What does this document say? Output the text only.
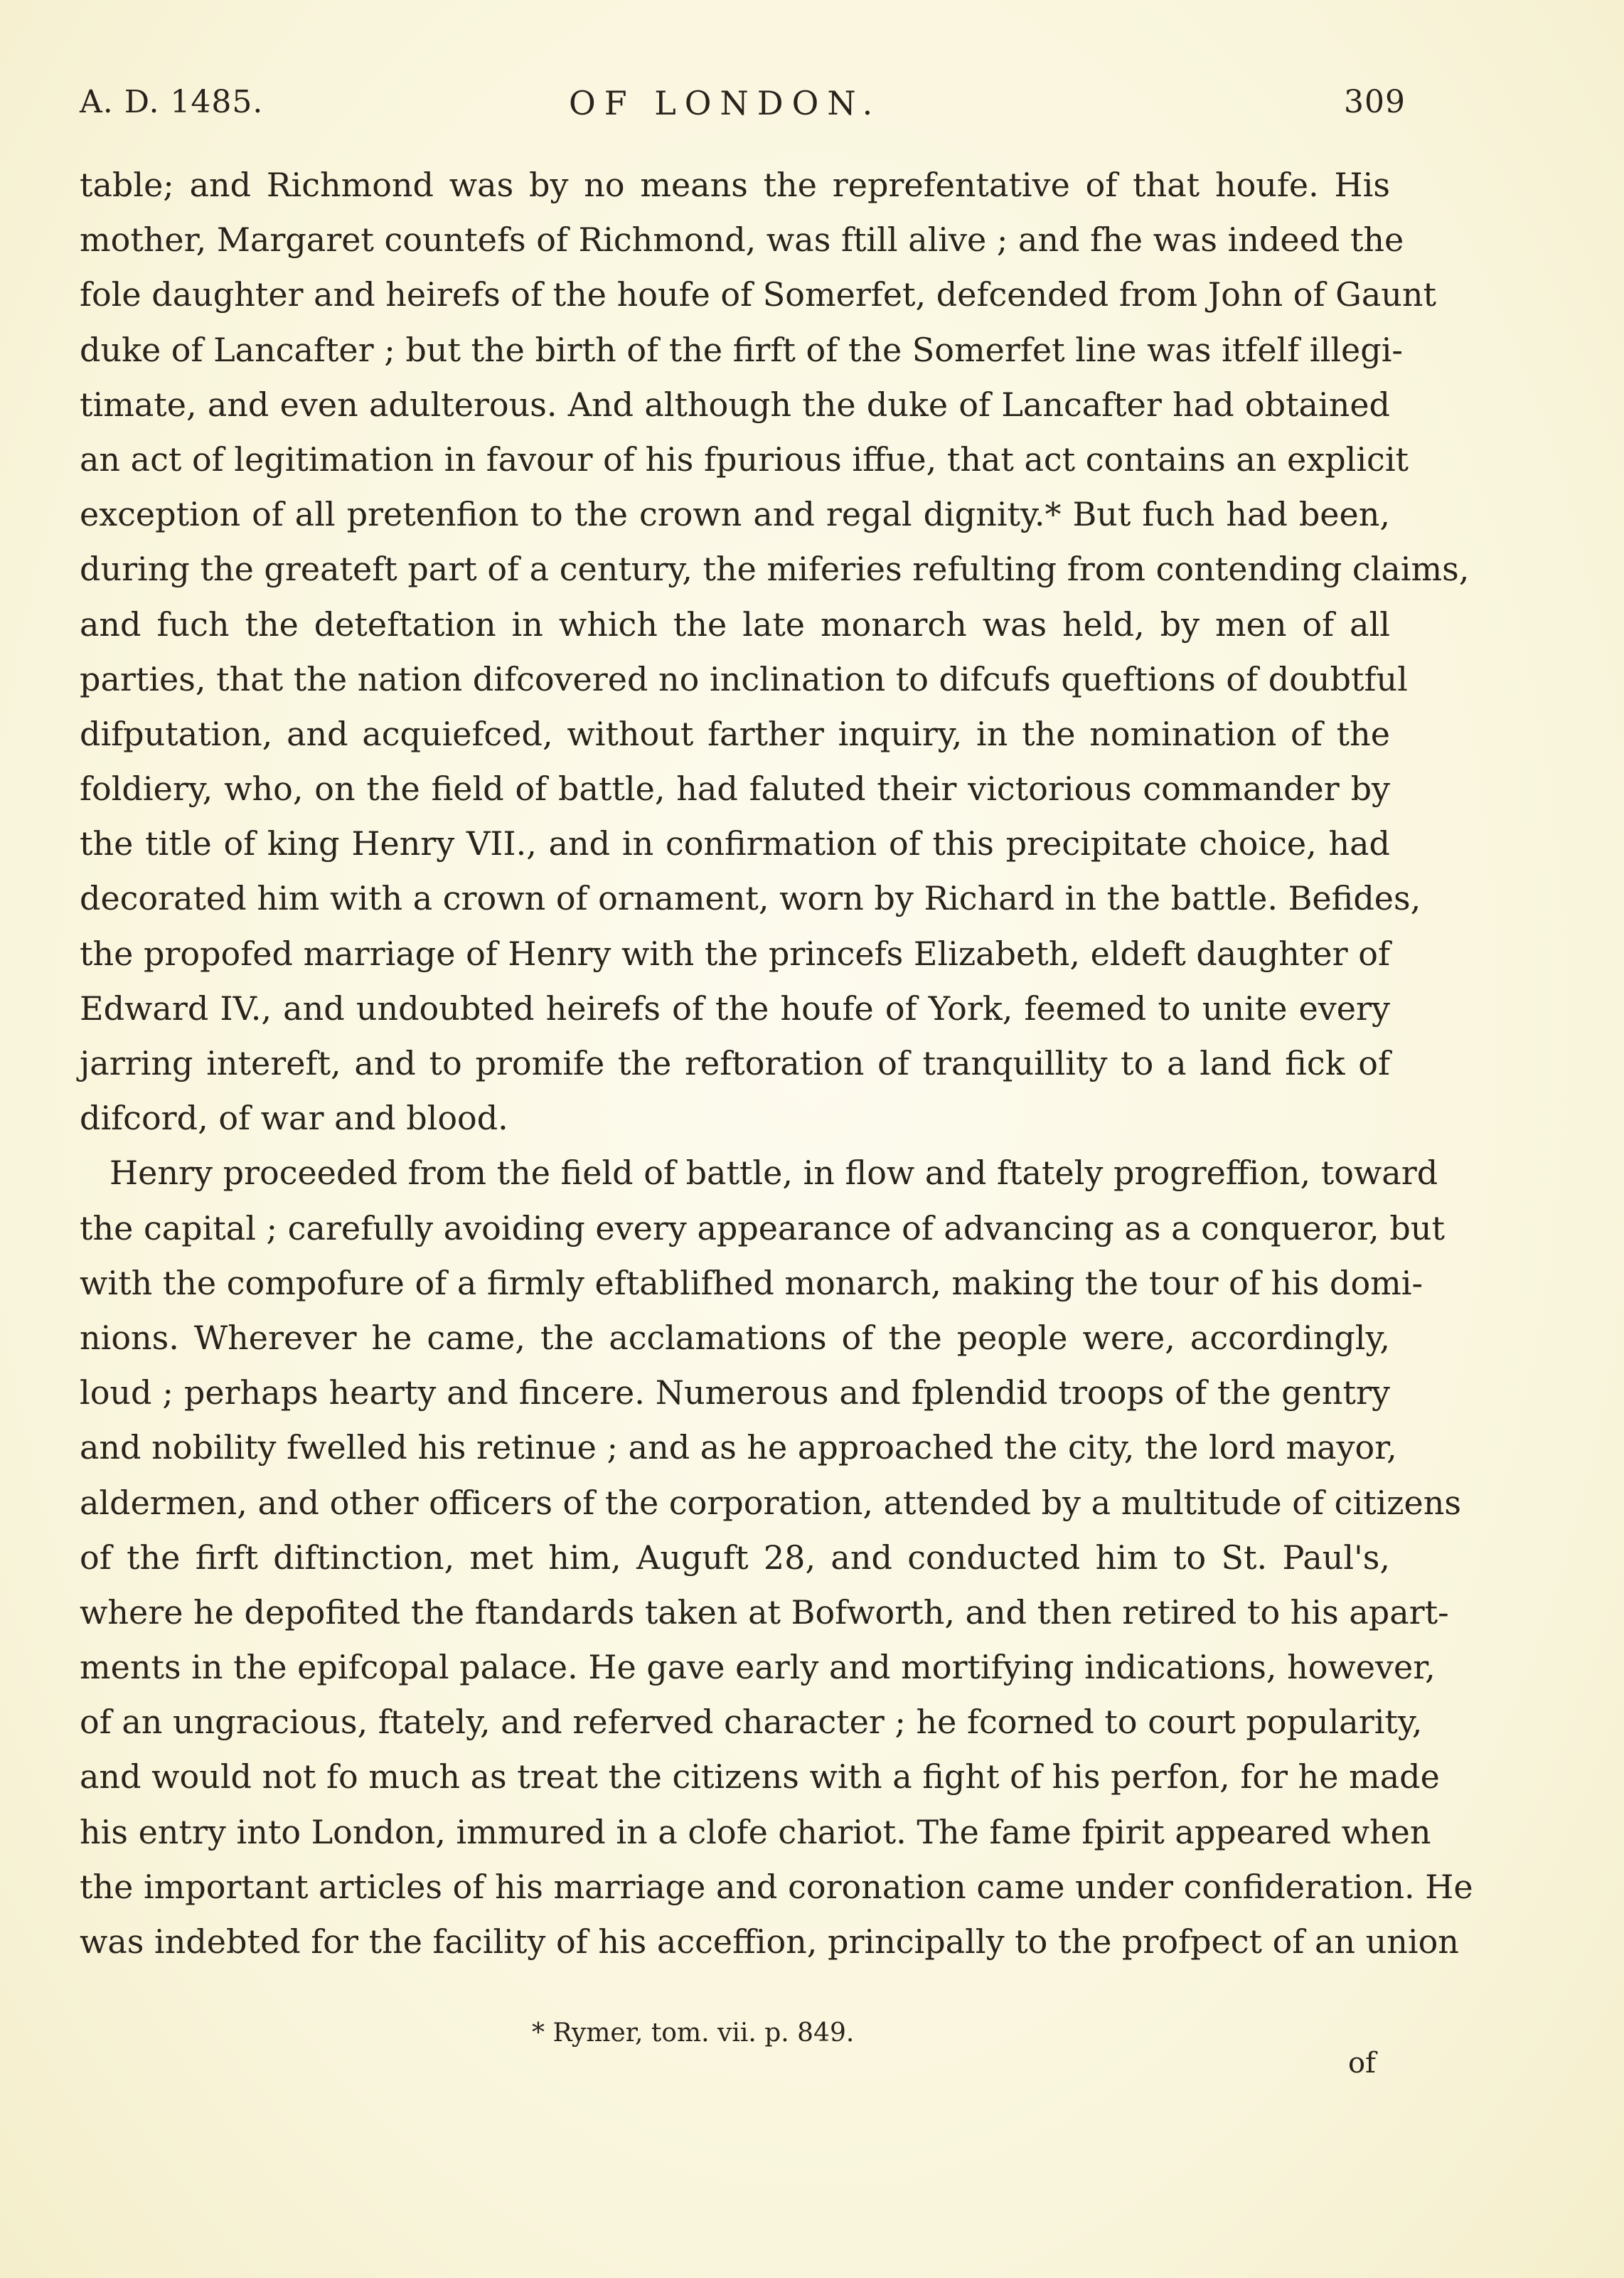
A. D. 1485.	OF LONDON.	309
table; and Richmond was by no means the reprefentative of that houfe. His
mother, Margaret countefs of Richmond, was ftill alive ; and fhe was indeed the
fole daughter and heirefs of the houfe of Somerfet, defcended from John of Gaunt
duke of Lancafter ; but the birth of the firft of the Somerfet line was itfelf illegi-
timate, and even adulterous. And although the duke of Lancafter had obtained
an act of legitimation in favour of his fpurious iffue, that act contains an explicit
exception of all pretenfion to the crown and regal dignity.* But fuch had been,
during the greateft part of a century, the miferies refulting from contending claims,
and fuch the deteftation in which the late monarch was held, by men of all
parties, that the nation difcovered no inclination to difcufs queftions of doubtful
difputation, and acquiefced, without farther inquiry, in the nomination of the
foldiery, who, on the field of battle, had faluted their victorious commander by
the title of king Henry VII., and in confirmation of this precipitate choice, had
decorated him with a crown of ornament, worn by Richard in the battle. Befides,
the propofed marriage of Henry with the princefs Elizabeth, eldeft daughter of
Edward IV., and undoubted heirefs of the houfe of York, feemed to unite every
jarring intereft, and to promife the reftoration of tranquillity to a land fick of
difcord, of war and blood.
Henry proceeded from the field of battle, in flow and ftately progreffion, toward
the capital ; carefully avoiding every appearance of advancing as a conqueror, but
with the compofure of a firmly eftablifhed monarch, making the tour of his domi-
nions. Wherever he came, the acclamations of the people were, accordingly,
loud ; perhaps hearty and fincere. Numerous and fplendid troops of the gentry
and nobility fwelled his retinue ; and as he approached the city, the lord mayor,
aldermen, and other officers of the corporation, attended by a multitude of citizens
of the firft diftinction, met him, Auguft 28, and conducted him to St. Paul's,
where he depofited the ftandards taken at Bofworth, and then retired to his apart-
ments in the epifcopal palace. He gave early and mortifying indications, however,
of an ungracious, ftately, and referved character ; he fcorned to court popularity,
and would not fo much as treat the citizens with a fight of his perfon, for he made
his entry into London, immured in a clofe chariot. The fame fpirit appeared when
the important articles of his marriage and coronation came under confideration. He
was indebted for the facility of his acceffion, principally to the profpect of an union
* Rymer, tom. vii. p. 849.
of
